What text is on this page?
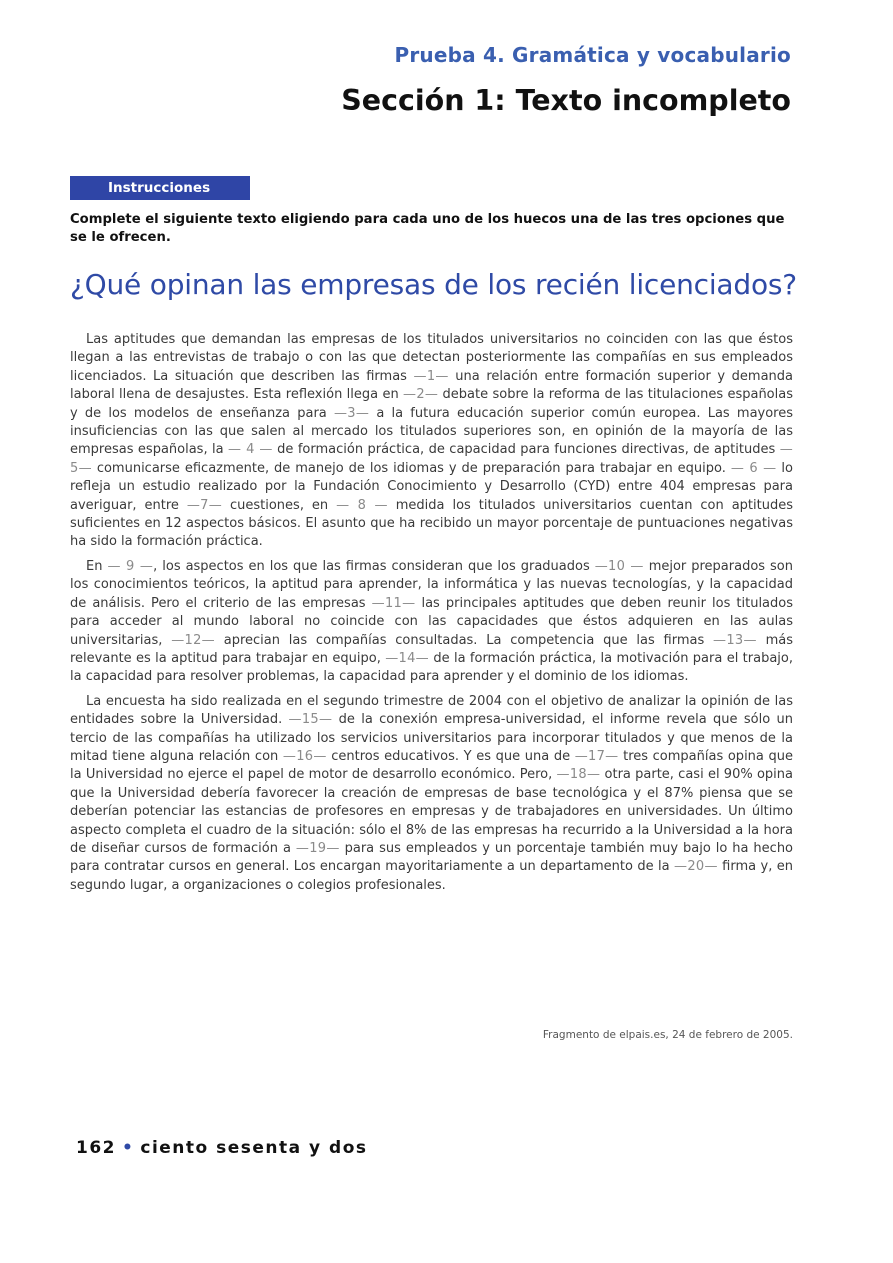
Prueba 4. Gramática y vocabulario
Sección 1: Texto incompleto
Instrucciones
Complete el siguiente texto eligiendo para cada uno de los huecos una de las tres opciones que se le ofrecen.
¿Qué opinan las empresas de los recién licenciados?

Las aptitudes que demandan las empresas de los titulados universitarios no coinciden con las que éstos llegan a las entrevistas de trabajo o con las que detectan posteriormente las compañías en sus empleados licenciados. La situación que describen las firmas —1— una relación entre formación superior y demanda laboral llena de desajustes. Esta reflexión llega en —2— debate sobre la reforma de las titulaciones españolas y de los modelos de enseñanza para —3— a la futura educación superior común europea. Las mayores insuficiencias con las que salen al mercado los titulados superiores son, en opinión de la mayoría de las empresas españolas, la — 4 — de formación práctica, de capacidad para funciones directivas, de aptitudes —5— comunicarse eficazmente, de manejo de los idiomas y de preparación para trabajar en equipo. — 6 — lo refleja un estudio realizado por la Fundación Conocimiento y Desarrollo (CYD) entre 404 empresas para averiguar, entre —7— cuestiones, en — 8 — medida los titulados universitarios cuentan con aptitudes suficientes en 12 aspectos básicos. El asunto que ha recibido un mayor porcentaje de puntuaciones negativas ha sido la formación práctica.

En — 9 —, los aspectos en los que las firmas consideran que los graduados —10 — mejor preparados son los conocimientos teóricos, la aptitud para aprender, la informática y las nuevas tecnologías, y la capacidad de análisis. Pero el criterio de las empresas —11— las principales aptitudes que deben reunir los titulados para acceder al mundo laboral no coincide con las capacidades que éstos adquieren en las aulas universitarias, —12— aprecian las compañías consultadas. La competencia que las firmas —13— más relevante es la aptitud para trabajar en equipo, —14— de la formación práctica, la motivación para el trabajo, la capacidad para resolver problemas, la capacidad para aprender y el dominio de los idiomas.

La encuesta ha sido realizada en el segundo trimestre de 2004 con el objetivo de analizar la opinión de las entidades sobre la Universidad. —15— de la conexión empresa-universidad, el informe revela que sólo un tercio de las compañías ha utilizado los servicios universitarios para incorporar titulados y que menos de la mitad tiene alguna relación con —16— centros educativos. Y es que una de —17— tres compañías opina que la Universidad no ejerce el papel de motor de desarrollo económico. Pero, —18— otra parte, casi el 90% opina que la Universidad debería favorecer la creación de empresas de base tecnológica y el 87% piensa que se deberían potenciar las estancias de profesores en empresas y de trabajadores en universidades. Un último aspecto completa el cuadro de la situación: sólo el 8% de las empresas ha recurrido a la Universidad a la hora de diseñar cursos de formación a —19— para sus empleados y un porcentaje también muy bajo lo ha hecho para contratar cursos en general. Los encargan mayoritariamente a un departamento de la —20— firma y, en segundo lugar, a organizaciones o colegios profesionales.

Fragmento de elpais.es, 24 de febrero de 2005.
162 • ciento sesenta y dos
